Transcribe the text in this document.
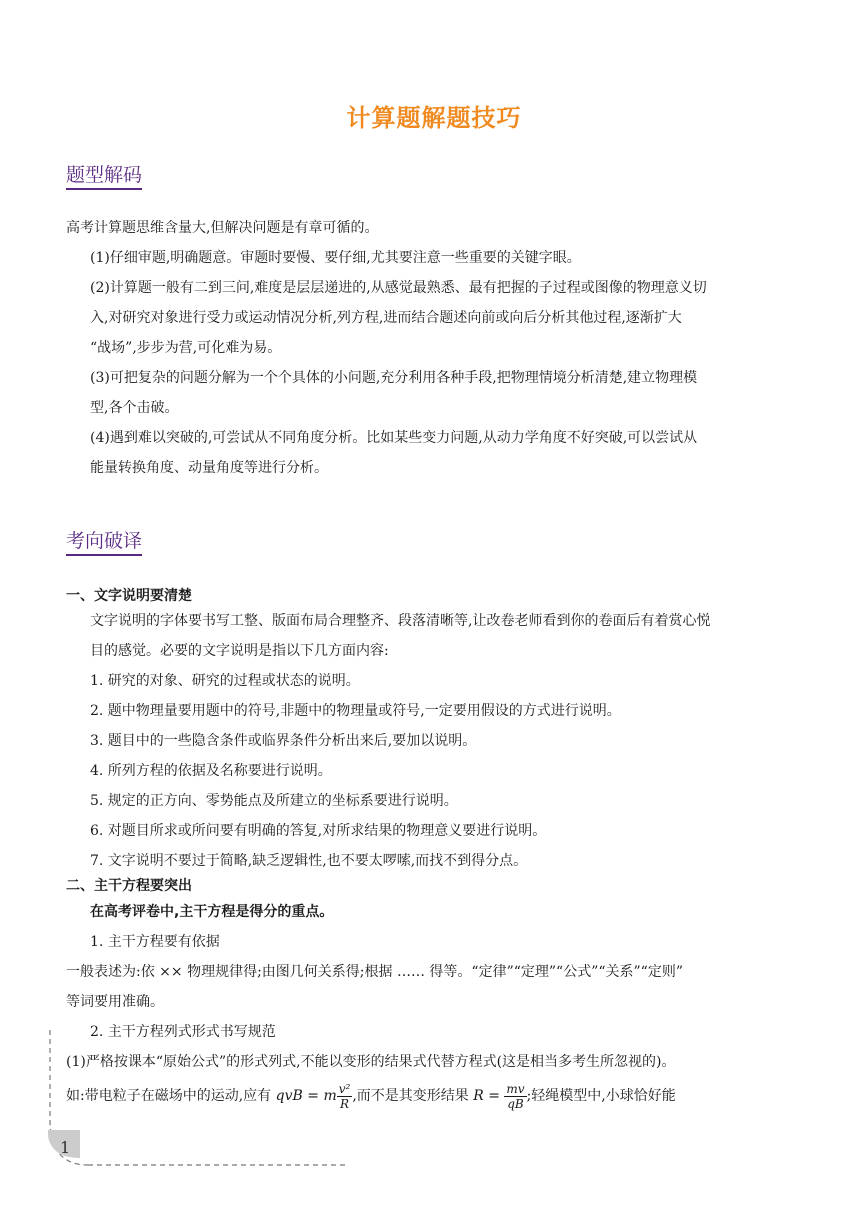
计算题解题技巧
题型解码

高考计算题思维含量大,但解决问题是有章可循的。

(1)仔细审题,明确题意。审题时要慢、要仔细,尤其要注意一些重要的关键字眼。

(2)计算题一般有二到三问,难度是层层递进的,从感觉最熟悉、最有把握的子过程或图像的物理意义切

入,对研究对象进行受力或运动情况分析,列方程,进而结合题述向前或向后分析其他过程,逐渐扩大

“战场”,步步为营,可化难为易。

(3)可把复杂的问题分解为一个个具体的小问题,充分利用各种手段,把物理情境分析清楚,建立物理模

型,各个击破。

(4)遇到难以突破的,可尝试从不同角度分析。比如某些变力问题,从动力学角度不好突破,可以尝试从

能量转换角度、动量角度等进行分析。

考向破译
一、文字说明要清楚

文字说明的字体要书写工整、版面布局合理整齐、段落清晰等,让改卷老师看到你的卷面后有着赏心悦

目的感觉。必要的文字说明是指以下几方面内容:

1. 研究的对象、研究的过程或状态的说明。

2. 题中物理量要用题中的符号,非题中的物理量或符号,一定要用假设的方式进行说明。

3. 题目中的一些隐含条件或临界条件分析出来后,要加以说明。

4. 所列方程的依据及名称要进行说明。

5. 规定的正方向、零势能点及所建立的坐标系要进行说明。

6. 对题目所求或所问要有明确的答复,对所求结果的物理意义要进行说明。

7. 文字说明不要过于简略,缺乏逻辑性,也不要太啰嗦,而找不到得分点。

二、主干方程要突出

在高考评卷中,主干方程是得分的重点。

1. 主干方程要有依据

一般表述为:依 ×× 物理规律得;由图几何关系得;根据 …… 得等。“定律”“定理”“公式”“关系”“定则”

等词要用准确。

2. 主干方程列式形式书写规范

(1)严格按课本“原始公式”的形式列式,不能以变形的结果式代替方程式(这是相当多考生所忽视的)。

如:带电粒子在磁场中的运动,应有 qvB = m $\frac{\text{v²}}{R}$ ,而不是其变形结果 $R = \frac{mv}{qB}$ ;轻绳模型中,小球恰好能

1
